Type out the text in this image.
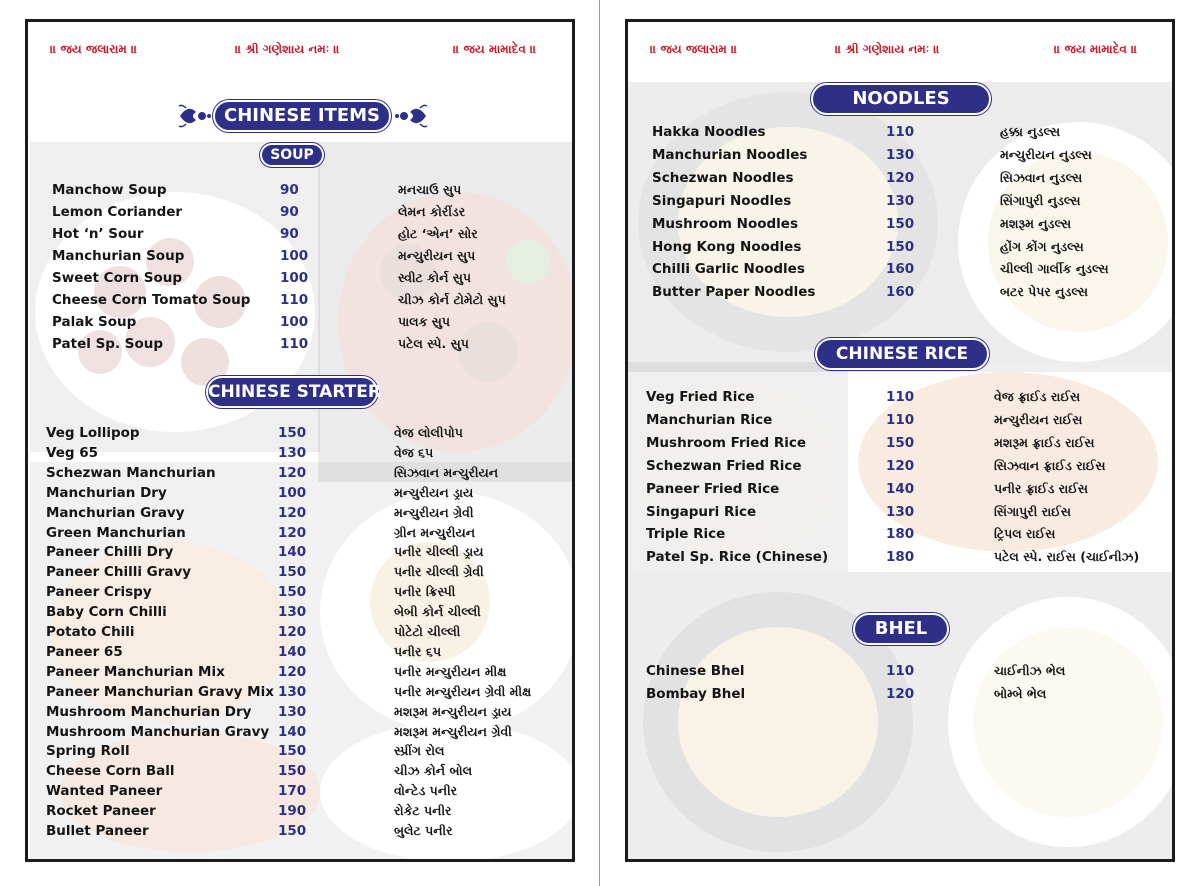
॥ જય જલારામ ॥	॥ શ્રી ગણેશાય નમઃ ॥	॥ જય મામાદેવ ॥
CHINESE ITEMS
SOUP
Manchow Soup	90	મનચાઉ સુપ
Lemon Coriander	90	લેમન કોરીંડર
Hot ‘n’ Sour	90	હોટ ‘એન’ સોર
Manchurian Soup	100	મન્ચુરીયન સુપ
Sweet Corn Soup	100	સ્વીટ કોર્ન સુપ
Cheese Corn Tomato Soup 110	ચીઝ કોર્ન ટોમેટો સુપ
Palak Soup	100	પાલક સુપ
Patel Sp. Soup	110	પટેલ સ્પે. સુપ
CHINESE STARTER
Veg Lollipop	150	વેજ લોલીપોપ
Veg 65	130	વેજ ૬૫
Schezwan Manchurian	120	સિઝવાન મન્ચુરીયન
Manchurian Dry	100	મન્ચુરીયન ડ્રાય
Manchurian Gravy	120	મન્ચુરીયન ગ્રેવી
Green Manchurian	120	ગ્રીન મન્ચુરીયન
Paneer Chilli Dry	140	પનીર ચીલ્લી ડ્રાય
Paneer Chilli Gravy	150	પનીર ચીલ્લી ગ્રેવી
Paneer Crispy	150	પનીર ક્રિસ્પી
Baby Corn Chilli	130	બેબી કોર્ન ચીલ્લી
Potato Chili	120	પોટેટો ચીલ્લી
Paneer 65	140	પનીર ૬૫
Paneer Manchurian Mix	120	પનીર મન્ચુરીયન મીક્ષ
Paneer Manchurian Gravy Mix 130	પનીર મન્ચુરીયન ગ્રેવી મીક્ષ
Mushroom Manchurian Dry 130	મશરૂમ મન્ચુરીયન ડ્રાય
Mushroom Manchurian Gravy 140	મશરૂમ મન્ચુરીયન ગ્રેવી
Spring Roll	150	સ્પ્રીંગ રોલ
Cheese Corn Ball	150	ચીઝ કોર્ન બોલ
Wanted Paneer	170	વોન્ટેડ પનીર
Rocket Paneer	190	રોકેટ પનીર
Bullet Paneer	150	બુલેટ પનીર
॥ જય જલારામ ॥	॥ શ્રી ગણેશાય નમઃ ॥	॥ જય મામાદેવ ॥
NOODLES
Hakka Noodles	110	હક્કા નુડલ્સ
Manchurian Noodles	130	મન્ચુરીયન નુડલ્સ
Schezwan Noodles	120	સિઝવાન નુડલ્સ
Singapuri Noodles	130	સિંગાપુરી નુડલ્સ
Mushroom Noodles	150	મશરૂમ નુડલ્સ
Hong Kong Noodles	150	હોંગ કોંગ નુડલ્સ
Chilli Garlic Noodles	160	ચીલ્લી ગાર્લીક નુડલ્સ
Butter Paper Noodles	160	બટર પેપર નુડલ્સ
CHINESE RICE
Veg Fried Rice	110	વેજ ફ્રાઈડ રાઈસ
Manchurian Rice	110	મન્ચુરીયન રાઈસ
Mushroom Fried Rice	150	મશરૂમ ફ્રાઈડ રાઈસ
Schezwan Fried Rice	120	સિઝવાન ફ્રાઈડ રાઈસ
Paneer Fried Rice	140	પનીર ફ્રાઈડ રાઈસ
Singapuri Rice	130	સિંગાપુરી રાઈસ
Triple Rice	180	ટ્રિપલ રાઈસ
Patel Sp. Rice (Chinese)	180	પટેલ સ્પે. રાઈસ (ચાઈનીઝ)
BHEL
Chinese Bhel	110	ચાઈનીઝ ભેલ
Bombay Bhel	120	બોમ્બે ભેલ
